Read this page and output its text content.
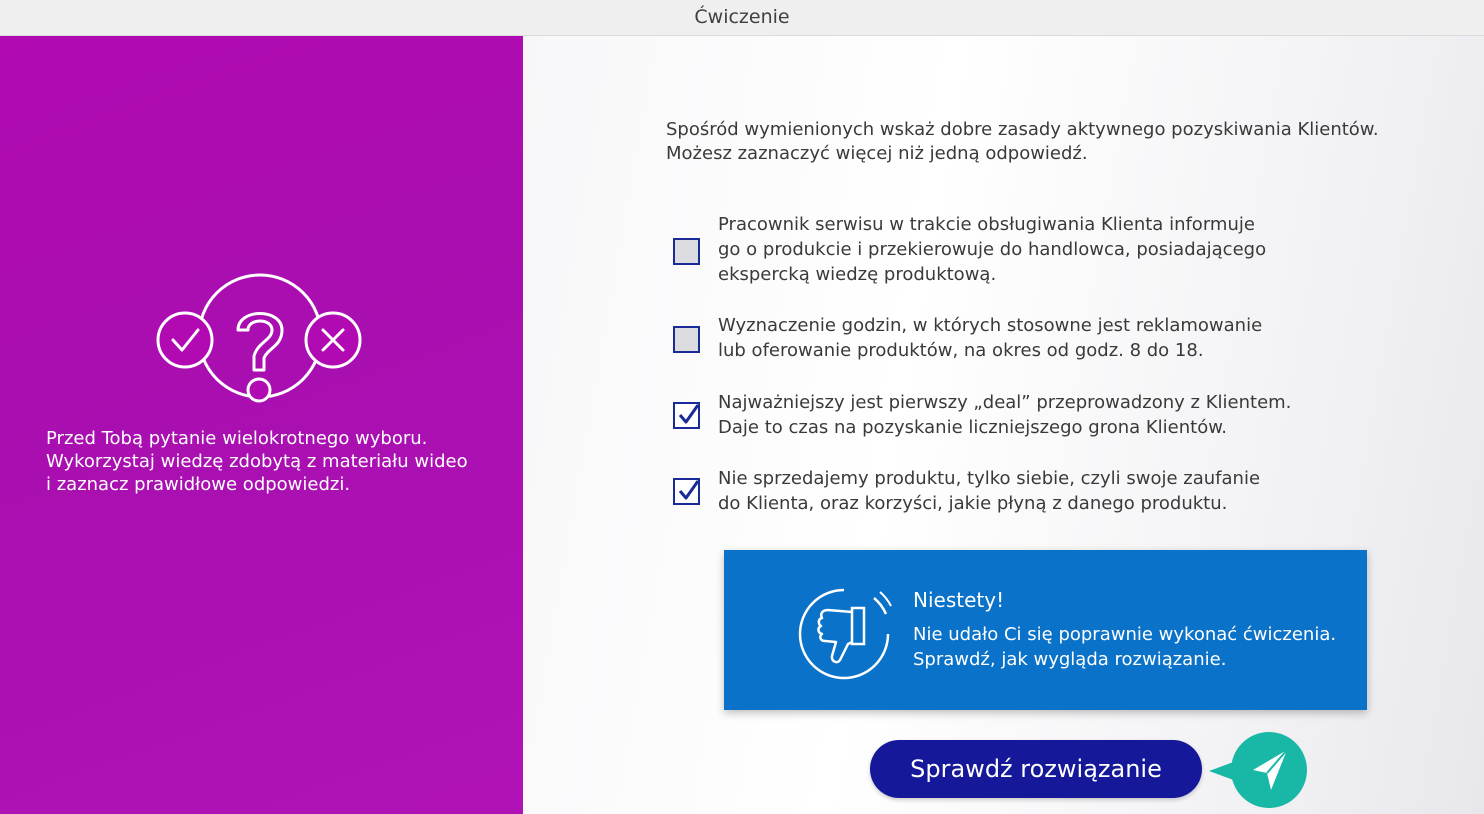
Ćwiczenie
Przed Tobą pytanie wielokrotnego wyboru.
Wykorzystaj wiedzę zdobytą z materiału wideo
i zaznacz prawidłowe odpowiedzi.
Spośród wymienionych wskaż dobre zasady aktywnego pozyskiwania Klientów.
Możesz zaznaczyć więcej niż jedną odpowiedź.
Pracownik serwisu w trakcie obsługiwania Klienta informuje
go o produkcie i przekierowuje do handlowca, posiadającego
ekspercką wiedzę produktową.
Wyznaczenie godzin, w których stosowne jest reklamowanie
lub oferowanie produktów, na okres od godz. 8 do 18.
Najważniejszy jest pierwszy „deal” przeprowadzony z Klientem.
Daje to czas na pozyskanie liczniejszego grona Klientów.
Nie sprzedajemy produktu, tylko siebie, czyli swoje zaufanie
do Klienta, oraz korzyści, jakie płyną z danego produktu.
Niestety!
Nie udało Ci się poprawnie wykonać ćwiczenia.
Sprawdź, jak wygląda rozwiązanie.
Sprawdź rozwiązanie
